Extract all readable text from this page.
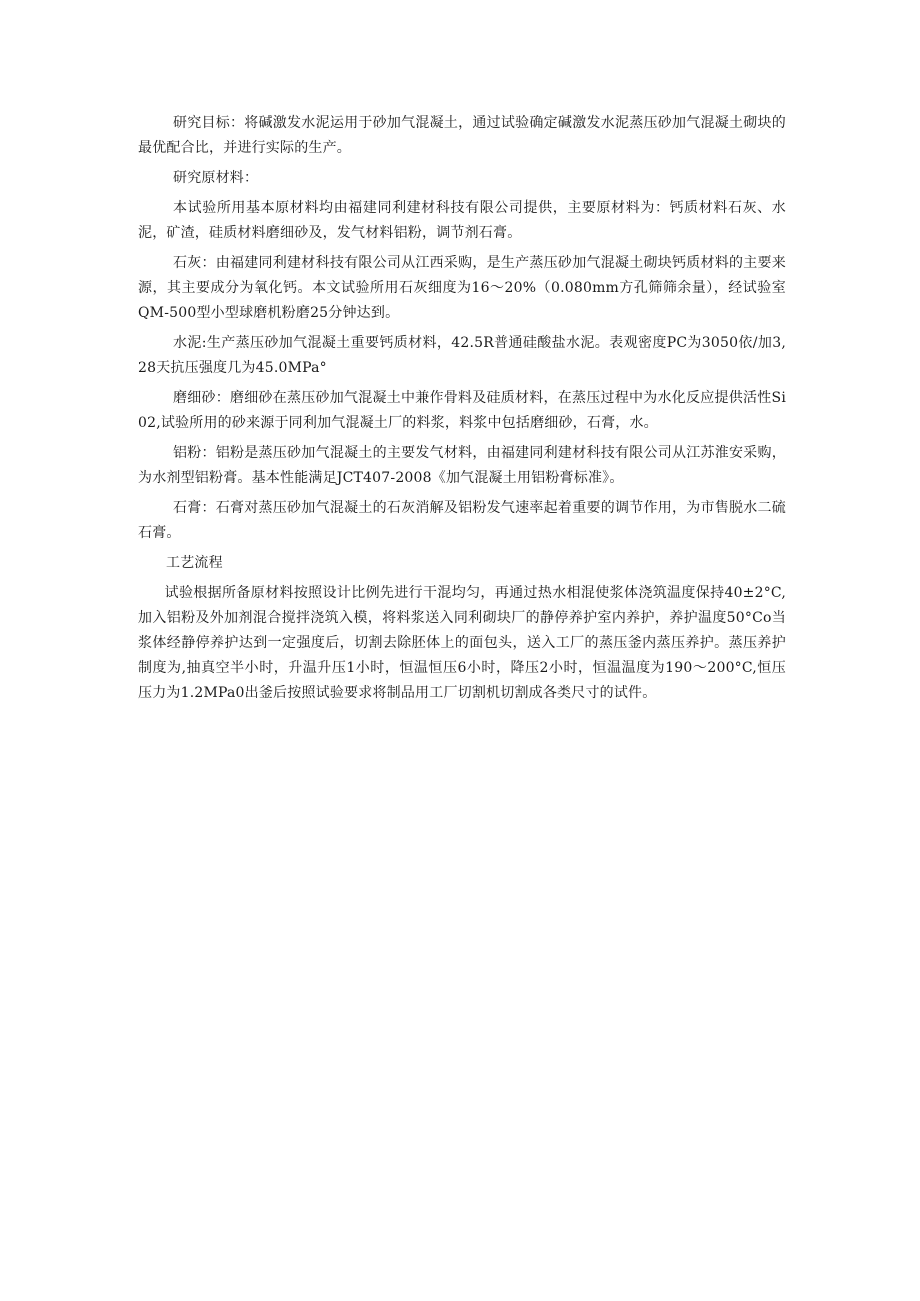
研究目标：将碱激发水泥运用于砂加气混凝土，通过试验确定碱激发水泥蒸压砂加气混凝土砌块的最优配合比，并进行实际的生产。

研究原材料：

本试验所用基本原材料均由福建同利建材科技有限公司提供，主要原材料为：钙质材料石灰、水泥，矿渣，硅质材料磨细砂及，发气材料铝粉，调节剂石膏。

石灰：由福建同利建材科技有限公司从江西采购，是生产蒸压砂加气混凝土砌块钙质材料的主要来源，其主要成分为氧化钙。本文试验所用石灰细度为16～20%（0.080mm方孔筛筛余量），经试验室QM-500型小型球磨机粉磨25分钟达到。

水泥:生产蒸压砂加气混凝土重要钙质材料，42.5R普通硅酸盐水泥。表观密度PC为3050依/加3,28天抗压强度几为45.0MPa°

磨细砂：磨细砂在蒸压砂加气混凝土中兼作骨料及硅质材料，在蒸压过程中为水化反应提供活性Si02,试验所用的砂来源于同利加气混凝土厂的料浆，料浆中包括磨细砂，石膏，水。

铝粉：铝粉是蒸压砂加气混凝土的主要发气材料，由福建同利建材科技有限公司从江苏淮安采购，为水剂型铝粉膏。基本性能满足JCT407-2008《加气混凝土用铝粉膏标准》。

石膏：石膏对蒸压砂加气混凝土的石灰消解及铝粉发气速率起着重要的调节作用，为市售脱水二硫石膏。

工艺流程

试验根据所备原材料按照设计比例先进行干混均匀，再通过热水相混使浆体浇筑温度保持40±2°C,加入铝粉及外加剂混合搅拌浇筑入模，将料浆送入同利砌块厂的静停养护室内养护，养护温度50°Co当浆体经静停养护达到一定强度后，切割去除胚体上的面包头，送入工厂的蒸压釜内蒸压养护。蒸压养护制度为,抽真空半小时，升温升压1小时，恒温恒压6小时，降压2小时，恒温温度为190～200°C,恒压压力为1.2MPa0出釜后按照试验要求将制品用工厂切割机切割成各类尺寸的试件。
